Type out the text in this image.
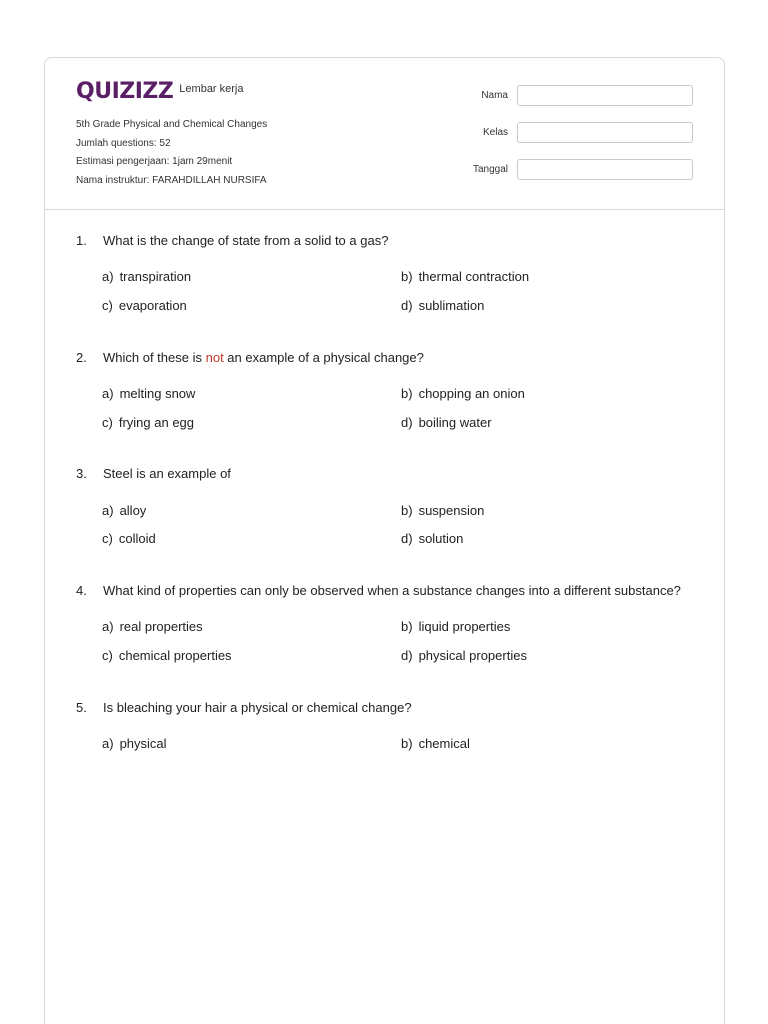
QUIZIZZ Lembar kerja
5th Grade Physical and Chemical Changes
Jumlah questions: 52
Estimasi pengerjaan: 1jam 29menit
Nama instruktur: FARAHDILLAH NURSIFA
Nama
Kelas
Tanggal
1. What is the change of state from a solid to a gas?
a) transpiration	b) thermal contraction
c) evaporation	d) sublimation
2. Which of these is not an example of a physical change?
a) melting snow	b) chopping an onion
c) frying an egg	d) boiling water
3. Steel is an example of
a) alloy	b) suspension
c) colloid	d) solution
4. What kind of properties can only be observed when a substance changes into a different substance?
a) real properties	b) liquid properties
c) chemical properties	d) physical properties
5. Is bleaching your hair a physical or chemical change?
a) physical	b) chemical
